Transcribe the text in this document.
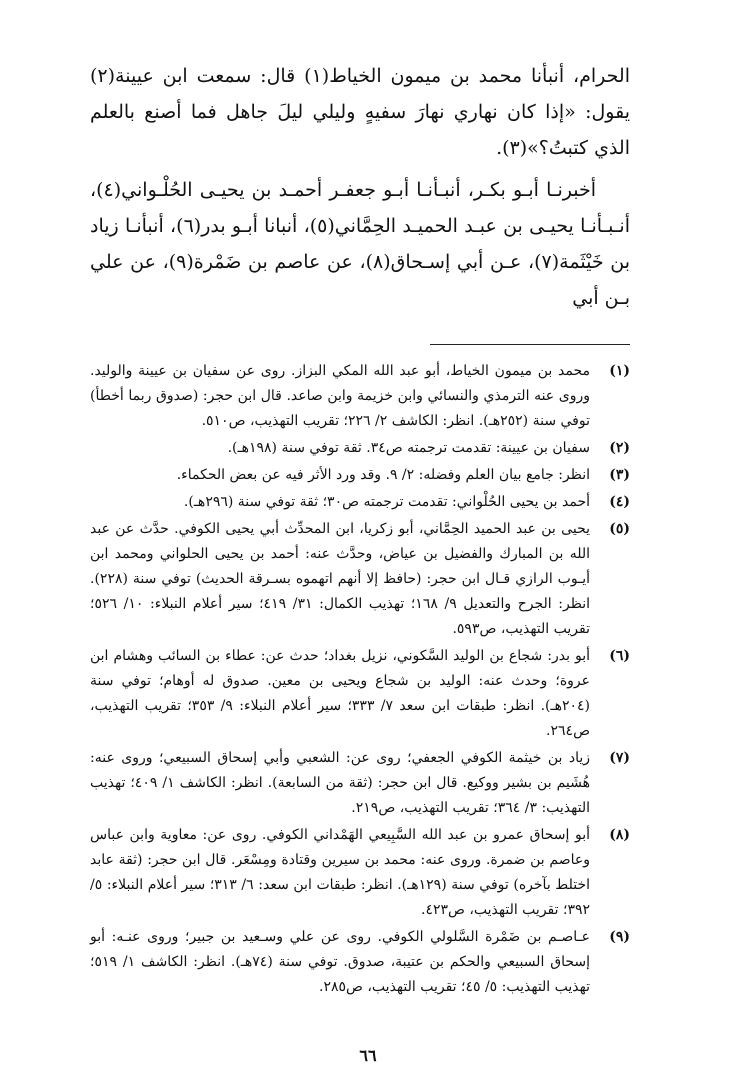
الحرام، أنبأنا محمد بن ميمون الخياط(١) قال: سمعت ابن عيينة(٢) يقول: «إذا كان نهاري نهارَ سفيهٍ وليلي ليلَ جاهل فما أصنع بالعلم الذي كتبتُ؟»(٣).

أخبرنـا أبـو بكـر، أنبـأنـا أبـو جعفـر أحمـد بن يحيـى الحُلْـواني(٤)، أنـبـأنـا يحيـى بن عبـد الحميـد الحِمَّاني(٥)، أنبانا أبـو بدر(٦)، أنبأنـا زياد بن خَيْثَمة(٧)، عـن أبي إسـحاق(٨)، عن عاصم بن ضَمْرة(٩)، عن علي بـن أبي

(١)
محمد بن ميمون الخياط، أبو عبد الله المكي البزاز. روى عن سفيان بن عيينة والوليد. وروى عنه الترمذي والنسائي وابن خزيمة وابن صاعد. قال ابن حجر: (صدوق ربما أخطأ) توفي سنة (٢٥٢هـ). انظر: الكاشف ٢/ ٢٢٦؛ تقريب التهذيب، ص٥١٠.
(٢)
سفيان بن عيينة: تقدمت ترجمته ص٣٤. ثقة توفي سنة (١٩٨هـ).
(٣)
انظر: جامع بيان العلم وفضله: ٢/ ٩. وقد ورد الأثر فيه عن بعض الحكماء.
(٤)
أحمد بن يحيى الحُلْواني: تقدمت ترجمته ص٣٠؛ ثقة توفي سنة (٢٩٦هـ).
(٥)
يحيى بن عبد الحميد الحِمَّاني، أبو زكريا، ابن المحدِّث أبي يحيى الكوفي. حدَّث عن عبد الله بن المبارك والفضيل بن عياض، وحدَّث عنه: أحمد بن يحيى الحلواني ومحمد ابن أيـوب الرازي قـال ابن حجر: (حافظ إلا أنهم اتهموه بسـرقة الحديث) توفي سنة (٢٢٨). انظر: الجرح والتعديل ٩/ ١٦٨؛ تهذيب الكمال: ٣١/ ٤١٩؛ سير أعلام النبلاء: ١٠/ ٥٢٦؛ تقريب التهذيب، ص٥٩٣.
(٦)
أبو بدر: شجاع بن الوليد السَّكوني، نزيل بغداد؛ حدث عن: عطاء بن السائب وهشام ابن عروة؛ وحدث عنه: الوليد بن شجاع ويحيى بن معين. صدوق له أوهام؛ توفي سنة (٢٠٤هـ). انظر: طبقات ابن سعد ٧/ ٣٣٣؛ سير أعلام النبلاء: ٩/ ٣٥٣؛ تقريب التهذيب، ص٢٦٤.
(٧)
زياد بن خيثمة الكوفي الجعفي؛ روى عن: الشعبي وأبي إسحاق السبيعي؛ وروى عنه: هُشَيم بن بشير ووكيع. قال ابن حجر: (ثقة من السابعة). انظر: الكاشف ١/ ٤٠٩؛ تهذيب التهذيب: ٣/ ٣٦٤؛ تقريب التهذيب، ص٢١٩.
(٨)
أبو إسحاق عمرو بن عبد الله السَّبِيعي الهَمْداني الكوفي. روى عن: معاوية وابن عباس وعاصم بن ضمرة. وروى عنه: محمد بن سيرين وقتادة ومِسْعَر. قال ابن حجر: (ثقة عابد اختلط بآخره) توفي سنة (١٢٩هـ). انظر: طبقات ابن سعد: ٦/ ٣١٣؛ سير أعلام النبلاء: ٥/ ٣٩٢؛ تقريب التهذيب، ص٤٢٣.
(٩)
عـاصـم بن ضَمْرة السَّلولي الكوفي. روى عن علي وسـعيد بن جبير؛ وروى عنـه: أبو إسحاق السبيعي والحكم بن عتيبة، صدوق. توفي سنة (٧٤هـ). انظر: الكاشف ١/ ٥١٩؛ تهذيب التهذيب: ٥/ ٤٥؛ تقريب التهذيب، ص٢٨٥.
٦٦
